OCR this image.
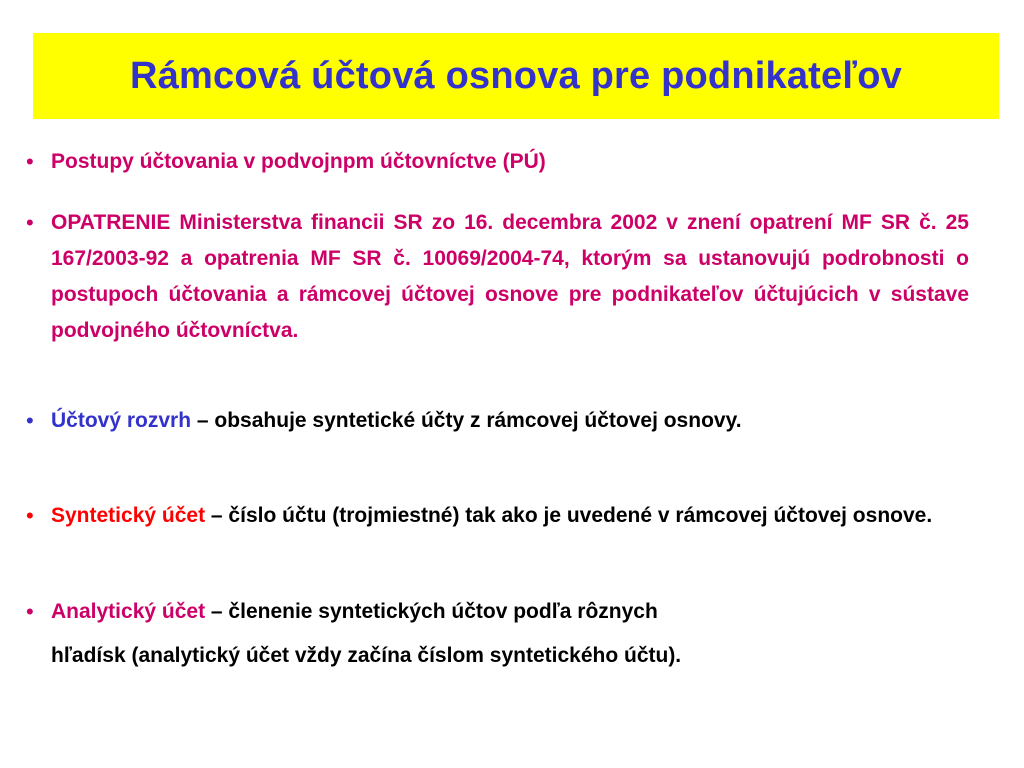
Rámcová účtová osnova pre podnikateľov
• Postupy účtovania v podvojnpm účtovníctve (PÚ)
• OPATRENIE Ministerstva financii SR zo 16. decembra 2002 v znení opatrení MF SR č. 25 167/2003-92 a opatrenia MF SR č. 10069/2004-74, ktorým sa ustanovujú podrobnosti o postupoch účtovania a rámcovej účtovej osnove pre podnikateľov účtujúcich v sústave podvojného účtovníctva.
• Účtový rozvrh – obsahuje syntetické účty z rámcovej účtovej osnovy.
• Syntetický účet – číslo účtu (trojmiestné) tak ako je uvedené v rámcovej účtovej osnove.
• Analytický účet – členenie syntetických účtov podľa rôznych
hľadísk (analytický účet vždy začína číslom syntetického účtu).
